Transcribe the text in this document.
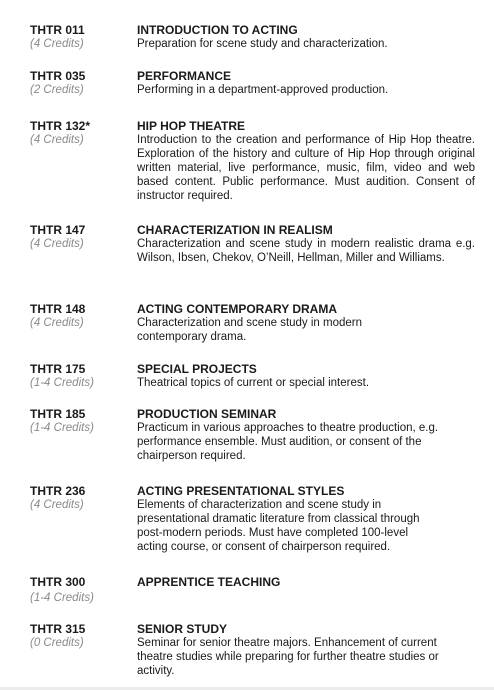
THTR 011
(4 Credits)
INTRODUCTION TO ACTING

Preparation for scene study and characterization.

THTR 035
(2 Credits)
PERFORMANCE

Performing in a department-approved production.

THTR 132*
(4 Credits)
HIP HOP THEATRE

Introduction to the creation and performance of Hip Hop theatre. Exploration of the history and culture of Hip Hop through original written material, live performance, music, film, video and web based content. Public performance. Must audition. Consent of instructor required.

THTR 147
(4 Credits)
CHARACTERIZATION IN REALISM

Characterization and scene study in modern realistic drama e.g. Wilson, Ibsen, Chekov, O’Neill, Hellman, Miller and Williams.

THTR 148
(4 Credits)
ACTING CONTEMPORARY DRAMA

Characterization and scene study in modern contemporary drama.

THTR 175
(1-4 Credits)
SPECIAL PROJECTS

Theatrical topics of current or special interest.

THTR 185
(1-4 Credits)
PRODUCTION SEMINAR

Practicum in various approaches to theatre production, e.g. performance ensemble. Must audition, or consent of the chairperson required.

THTR 236
(4 Credits)
ACTING PRESENTATIONAL STYLES

Elements of characterization and scene study in presentational dramatic literature from classical through post-modern periods. Must have completed 100-level acting course, or consent of chairperson required.

THTR 300
(1-4 Credits)
APPRENTICE TEACHING
THTR 315
(0 Credits)
SENIOR STUDY

Seminar for senior theatre majors. Enhancement of current theatre studies while preparing for further theatre studies or activity.
